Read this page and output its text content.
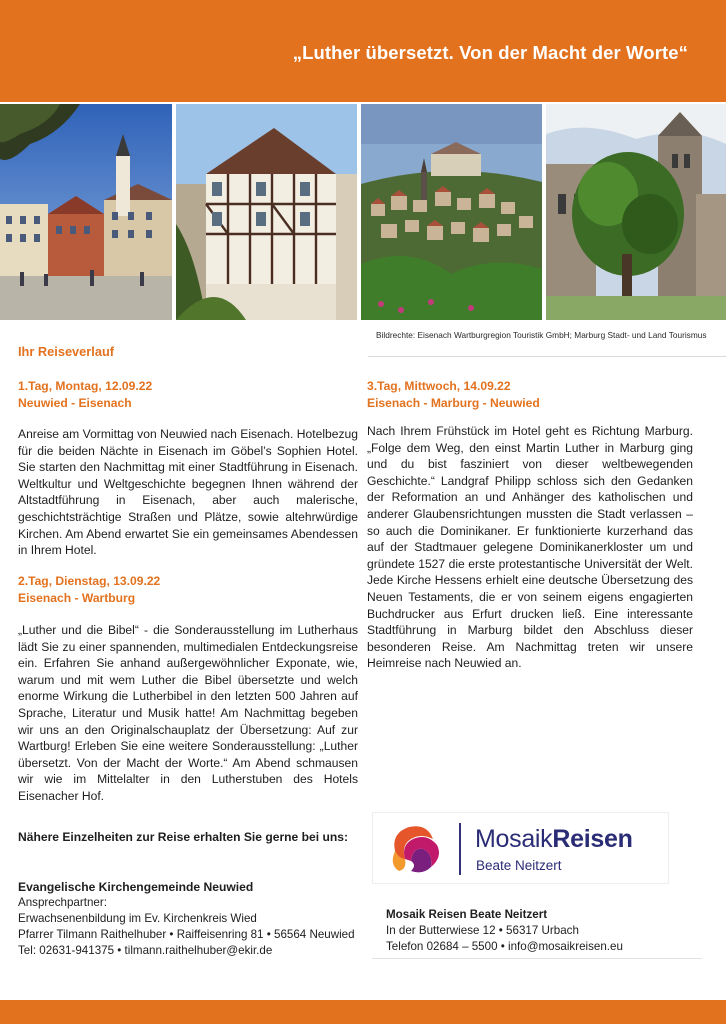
„Luther übersetzt. Von der Macht der Worte“
Bildrechte: Eisenach Wartburgregion Touristik GmbH; Marburg Stadt- und Land Tourismus
Ihr Reiseverlauf
1.Tag, Montag, 12.09.22
Neuwied - Eisenach
Anreise am Vormittag von Neuwied nach Eisenach. Hotelbezug für die beiden Nächte in Eisenach im Göbel’s Sophien Hotel. Sie starten den Nachmittag mit einer Stadtführung in Eisenach. Weltkultur und Weltgeschichte begegnen Ihnen während der Altstadtführung in Eisenach, aber auch malerische, geschichtsträchtige Straßen und Plätze, sowie altehrwürdige Kirchen. Am Abend erwartet Sie ein gemeinsames Abendessen in Ihrem Hotel.
2.Tag, Dienstag, 13.09.22
Eisenach - Wartburg
„Luther und die Bibel“ - die Sonderausstellung im Lutherhaus lädt Sie zu einer spannenden, multimedialen Entdeckungsreise ein. Erfahren Sie anhand außergewöhnlicher Exponate, wie, warum und mit wem Luther die Bibel übersetzte und welch enorme Wirkung die Lutherbibel in den letzten 500 Jahren auf Sprache, Literatur und Musik hatte! Am Nachmittag begeben wir uns an den Originalschauplatz der Übersetzung: Auf zur Wartburg! Erleben Sie eine weitere Sonderausstellung: „Luther übersetzt. Von der Macht der Worte.“ Am Abend schmausen wir wie im Mittelalter in den Lutherstuben des Hotels Eisenacher Hof.
3.Tag, Mittwoch, 14.09.22
Eisenach - Marburg - Neuwied
Nach Ihrem Frühstück im Hotel geht es Richtung Marburg. „Folge dem Weg, den einst Martin Luther in Marburg ging und du bist fasziniert von dieser weltbewegenden Geschichte.“ Landgraf Philipp schloss sich den Gedanken der Reformation an und Anhänger des katholischen und anderer Glaubensrichtungen mussten die Stadt verlassen – so auch die Dominikaner. Er funktionierte kurzerhand das auf der Stadtmauer gelegene Dominikanerkloster um und gründete 1527 die erste protestantische Universität der Welt. Jede Kirche Hessens erhielt eine deutsche Übersetzung des Neuen Testaments, die er von seinem eigens engagierten Buchdrucker aus Erfurt drucken ließ. Eine interessante Stadtführung in Marburg bildet den Abschluss dieser besonderen Reise. Am Nachmittag treten wir unsere Heimreise nach Neuwied an.
Nähere Einzelheiten zur Reise erhalten Sie gerne bei uns:
Evangelische Kirchengemeinde Neuwied
Ansprechpartner:
Erwachsenenbildung im Ev. Kirchenkreis Wied
Pfarrer Tilmann Raithelhuber • Raiffeisenring 81 • 56564 Neuwied
Tel: 02631-941375 • tilmann.raithelhuber@ekir.de
MosaikReisen
Beate Neitzert
Mosaik Reisen Beate Neitzert
In der Butterwiese 12 • 56317 Urbach
Telefon 02684 – 5500 • info@mosaikreisen.eu
